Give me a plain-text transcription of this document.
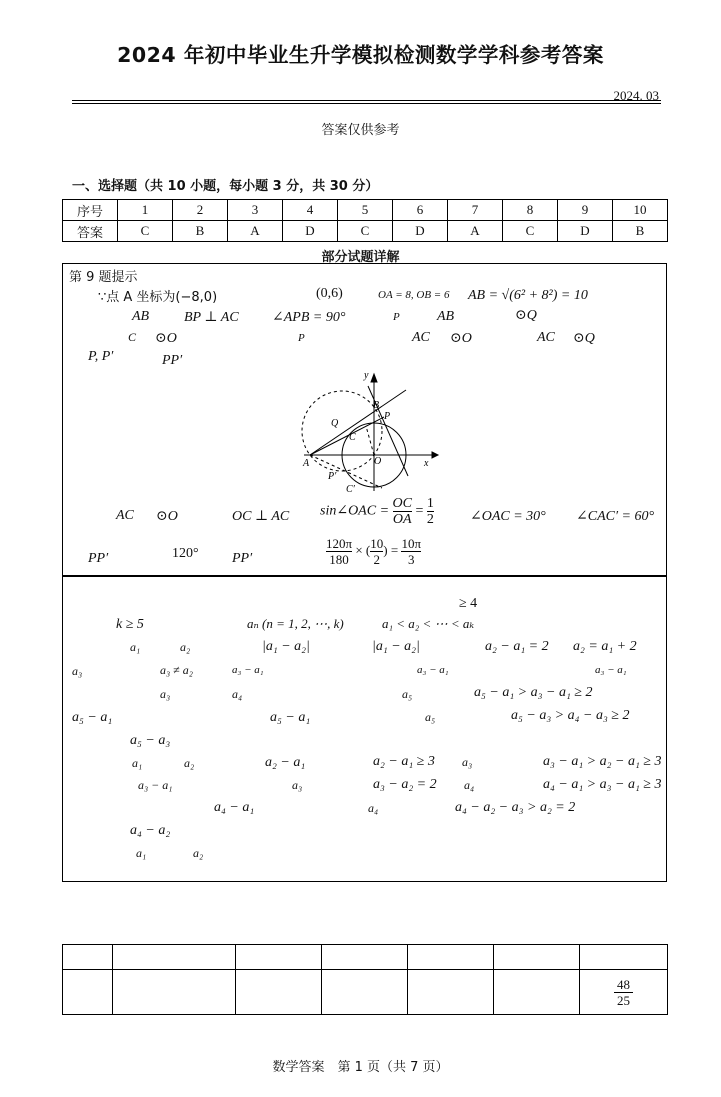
2024 年初中毕业生升学模拟检测数学学科参考答案
2024. 03
答案仅供参考
一、选择题（共 10 小题，每小题 3 分，共 30 分）
序号	1	2	3	4	5	6	7	8	9	10
答案	C	B	A	D	C	D	A	C	D	B
部分试题详解
第 9 题提示
∵点 A 坐标为(−8,0)	(0,6)	OA = 8, OB = 6 AB = √(6² + 8²) = 10
AB BP ⊥ AC ∠APB = 90°	P	AB	⊙Q
C ⊙O	P	AC ⊙O	AC ⊙Q
P, P′	PP′
y
x
B
P
Q
C
A	O
P′
C′
AC ⊙O	OC ⊥ AC sin∠OAC = $\frac{OC}{OA} = \frac{1}{2}$	∠OAC = 30° ∠CAC′ = 60°
PP′	120° PP′	$\frac{120\pi}{180}$ × ( $\frac{10}{2}$ ) = $\frac{10\pi}{3}$
≥ 4
k ≥ 5	aₙ (n = 1, 2, ⋯, k)	a₁ < a₂ < ⋯ < aₖ
a₁	a₂	|a₁ − a₂|	|a₁ − a₂|	a₂ − a₁ = 2 a₂ = a₁ + 2
a₃	a₃ ≠ a₂	a₃ − a₁	a₃ − a₁	a₃ − a₁
a₃	a₄	a₅	a₅ − a₁ > a₃ − a₁ ≥ 2
a₅ − a₁	a₅ − a₁	a₅	a₅ − a₃ > a₄ − a₃ ≥ 2
a₅ − a₃
a₁	a₂	a₂ − a₁	a₂ − a₁ ≥ 3 a₃	a₃ − a₁ > a₂ − a₁ ≥ 3
a₃ − a₁	a₃	a₃ − a₂ = 2 a₄	a₄ − a₁ > a₃ − a₁ ≥ 3
a₄ − a₁	a₄	a₄ − a₂ − a₃ > a₂ = 2
a₄ − a₂
a₁	a₂

						$\frac{48}{25}$
数学答案　第 1 页（共 7 页）
